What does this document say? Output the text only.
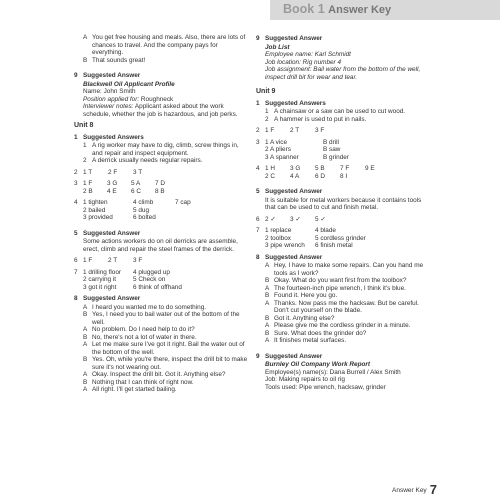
Book 1 Answer Key
A You get free housing and meals. Also, there are lots of chances to travel. And the company pays for everything.
B That sounds great!
9 Suggested Answer
Blackwell Oil Applicant Profile
Name: John Smith
Position applied for: Roughneck
Interviewer notes: Applicant asked about the work schedule, whether the job is hazardous, and job perks.
Unit 8
1 Suggested Answers
1 A rig worker may have to dig, climb, screw things in, and repair and inspect equipment.
2 A derrick usually needs regular repairs.
2 1 T	2 F	3 T
3 1 F	3 G	5 A	7 D
2 B	4 E	6 C	8 B
4 1 tighten	4 climb	7 cap
2 bailed	5 dug
3 provided	6 bolted
5 Suggested Answer
Some actions workers do on oil derricks are assemble, erect, climb and repair the steel frames of the derrick.
6 1 F	2 T	3 F
7 1 drilling floor	4 plugged up
2 carrying it	5 Check on
3 got it right	6 think of offhand
8 Suggested Answer
A I heard you wanted me to do something.
B Yes, I need you to bail water out of the bottom of the well.
A No problem. Do I need help to do it?
B No, there's not a lot of water in there.
A Let me make sure I've got it right. Bail the water out of the bottom of the well.
B Yes. Oh, while you're there, inspect the drill bit to make sure it's not wearing out.
A Okay. Inspect the drill bit. Got it. Anything else?
B Nothing that I can think of right now.
A All right. I'll get started bailing.
9 Suggested Answer
Job List
Employee name: Karl Schmidt
Job location: Rig number 4
Job assignment: Bail water from the bottom of the well, inspect drill bit for wear and tear.
Unit 9
1 Suggested Answers
1 A chainsaw or a saw can be used to cut wood.
2 A hammer is used to put in nails.
2 1 F	2 T	3 F
3 1 A vice	B drill
2 A pliers	B saw
3 A spanner	B grinder
4 1 H	3 G	5 B	7 F	9 E
2 C	4 A	6 D	8 I
5 Suggested Answer
It is suitable for metal workers because it contains tools that can be used to cut and finish metal.
6 2 ✓	3 ✓	5 ✓
7 1 replace	4 blade
2 toolbox	5 cordless grinder
3 pipe wrench	6 finish metal
8 Suggested Answer
A Hey, I have to make some repairs. Can you hand me tools as I work?
B Okay. What do you want first from the toolbox?
A The fourteen-inch pipe wrench, I think it's blue.
B Found it. Here you go.
A Thanks. Now pass me the hacksaw. But be careful. Don't cut yourself on the blade.
B Got it. Anything else?
A Please give me the cordless grinder in a minute.
B Sure. What does the grinder do?
A It finishes metal surfaces.
9 Suggested Answer
Burnley Oil Company Work Report
Employee(s) name(s): Dana Burrell / Alex Smith
Job: Making repairs to oil rig
Tools used: Pipe wrench, hacksaw, grinder
Answer Key 7
